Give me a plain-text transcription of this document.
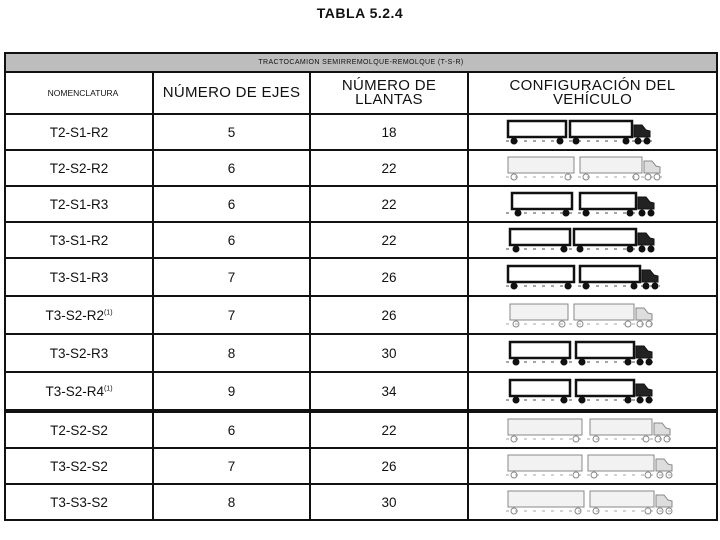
TABLA 5.2.4
TRACTOCAMION SEMIRREMOLQUE-REMOLQUE (T-S-R)			
NOMENCLATURA	NÚMERO DE EJES	NÚMERO DE LLANTAS	CONFIGURACIÓN DEL VEHÍCULO
T2-S1-R2	5	18	

T2-S2-R2	6	22	

T2-S1-R3	6	22	

T3-S1-R2	6	22	

T3-S1-R3	7	26	

T3-S2-R2$^{(1)}$	7	26	

T3-S2-R3	8	30	

T3-S2-R4$^{(1)}$	9	34	

T2-S2-S2	6	22	

T3-S2-S2	7	26	

T3-S3-S2	8	30	
